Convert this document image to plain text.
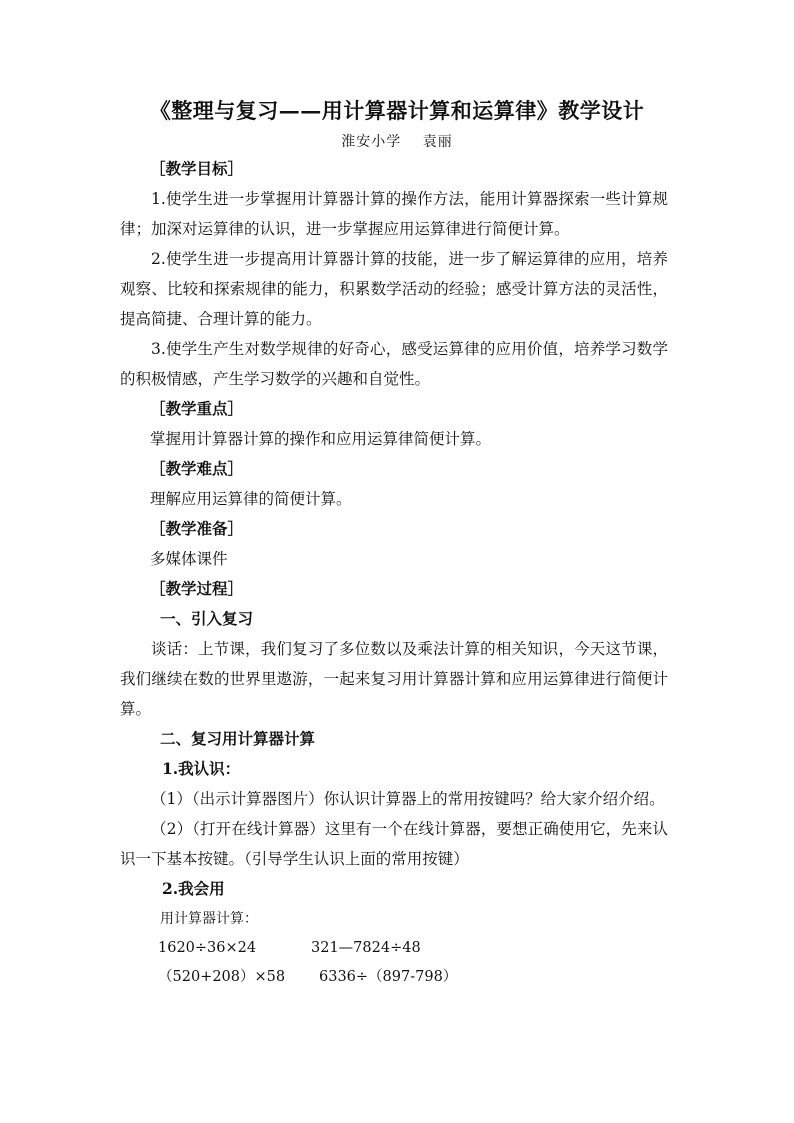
《整理与复习——用计算器计算和运算律》教学设计
淮安小学 袁丽

［教学目标］

1.使学生进一步掌握用计算器计算的操作方法，能用计算器探索一些计算规律；加深对运算律的认识，进一步掌握应用运算律进行简便计算。

2.使学生进一步提高用计算器计算的技能，进一步了解运算律的应用，培养观察、比较和探索规律的能力，积累数学活动的经验；感受计算方法的灵活性，提高简捷、合理计算的能力。

3.使学生产生对数学规律的好奇心，感受运算律的应用价值，培养学习数学的积极情感，产生学习数学的兴趣和自觉性。

［教学重点］

掌握用计算器计算的操作和应用运算律简便计算。

［教学难点］

理解应用运算律的简便计算。

［教学准备］

多媒体课件

［教学过程］

一、引入复习

谈话：上节课，我们复习了多位数以及乘法计算的相关知识，今天这节课，我们继续在数的世界里遨游，一起来复习用计算器计算和应用运算律进行简便计算。

二、复习用计算器计算

1.我认识：

（1）（出示计算器图片）你认识计算器上的常用按键吗？给大家介绍介绍。

（2）（打开在线计算器）这里有一个在线计算器，要想正确使用它，先来认识一下基本按键。（引导学生认识上面的常用按键）

2.我会用

用计算器计算：

1620÷36×24	321—7824÷48
（520+208）×58	6336÷（897-798）
